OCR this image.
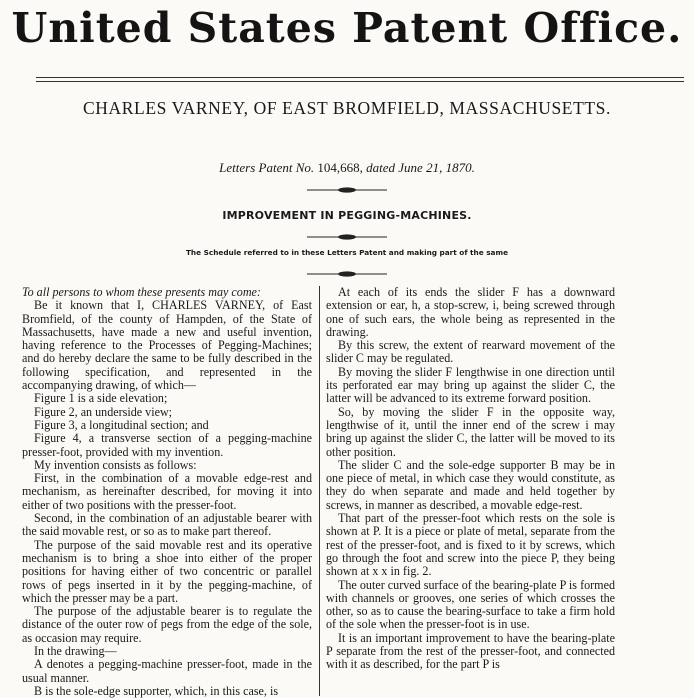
United States Patent Office.
CHARLES VARNEY, OF EAST BROMFIELD, MASSACHUSETTS.
Letters Patent No. 104,668, dated June 21, 1870.
IMPROVEMENT IN PEGGING-MACHINES.
The Schedule referred to in these Letters Patent and making part of the same

To all persons to whom these presents may come:

Be it known that I, CHARLES VARNEY, of East Bromfield, of the county of Hampden, of the State of Massachusetts, have made a new and useful invention, having reference to the Processes of Pegging-Machines; and do hereby declare the same to be fully described in the following specification, and represented in the accompanying drawing, of which—

Figure 1 is a side elevation;

Figure 2, an underside view;

Figure 3, a longitudinal section; and

Figure 4, a transverse section of a pegging-machine presser-foot, provided with my invention.

My invention consists as follows:

First, in the combination of a movable edge-rest and mechanism, as hereinafter described, for moving it into either of two positions with the presser-foot.

Second, in the combination of an adjustable bearer with the said movable rest, or so as to make part thereof.

The purpose of the said movable rest and its operative mechanism is to bring a shoe into either of the proper positions for having either of two concentric or parallel rows of pegs inserted in it by the pegging-machine, of which the presser may be a part.

The purpose of the adjustable bearer is to regulate the distance of the outer row of pegs from the edge of the sole, as occasion may require.

In the drawing—

A denotes a pegging-machine presser-foot, made in the usual manner.

B is the sole-edge supporter, which, in this case, is

At each of its ends the slider F has a downward extension or ear, h, a stop-screw, i, being screwed through one of such ears, the whole being as represented in the drawing.

By this screw, the extent of rearward movement of the slider C may be regulated.

By moving the slider F lengthwise in one direction until its perforated ear may bring up against the slider C, the latter will be advanced to its extreme forward position.

So, by moving the slider F in the opposite way, lengthwise of it, until the inner end of the screw i may bring up against the slider C, the latter will be moved to its other position.

The slider C and the sole-edge supporter B may be in one piece of metal, in which case they would constitute, as they do when separate and made and held together by screws, in manner as described, a movable edge-rest.

That part of the presser-foot which rests on the sole is shown at P. It is a piece or plate of metal, separate from the rest of the presser-foot, and is fixed to it by screws, which go through the foot and screw into the piece P, they being shown at x x in fig. 2.

The outer curved surface of the bearing-plate P is formed with channels or grooves, one series of which crosses the other, so as to cause the bearing-surface to take a firm hold of the sole when the presser-foot is in use.

It is an important improvement to have the bearing-plate P separate from the rest of the presser-foot, and connected with it as described, for the part P is
